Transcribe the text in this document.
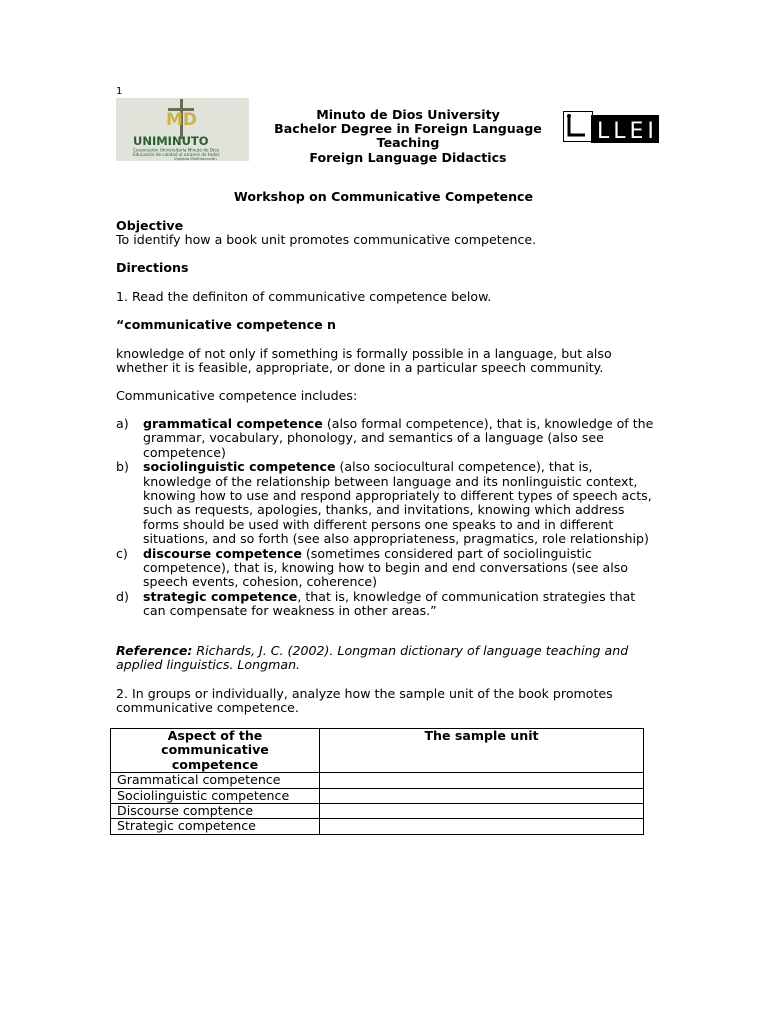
1
MD
UNIMINUTO
Corporación Universitaria Minuto de Dios
Educación de calidad al alcance de todos
Vigilada MinEducación
Minuto de Dios University
Bachelor Degree in Foreign Language
Teaching
Foreign Language Didactics
LLEI
Workshop on Communicative Competence
Objective
To identify how a book unit promotes communicative competence.
Directions
1. Read the definiton of communicative competence below.
“communicative competence n
knowledge of not only if something is formally possible in a language, but also
whether it is feasible, appropriate, or done in a particular speech community.
Communicative competence includes:
a)	grammatical competence (also formal competence), that is, knowledge of the grammar, vocabulary, phonology, and semantics of a language (also see competence)
b)	sociolinguistic competence (also sociocultural competence), that is, knowledge of the relationship between language and its nonlinguistic context, knowing how to use and respond appropriately to different types of speech acts, such as requests, apologies, thanks, and invitations, knowing which address forms should be used with different persons one speaks to and in different situations, and so forth (see also appropriateness, pragmatics, role relationship)
c)	discourse competence (sometimes considered part of sociolinguistic competence), that is, knowing how to begin and end conversations (see also speech events, cohesion, coherence)
d)	strategic competence, that is, knowledge of communication strategies that can compensate for weakness in other areas.”
Reference: Richards, J. C. (2002). Longman dictionary of language teaching and applied linguistics. Longman.
2. In groups or individually, analyze how the sample unit of the book promotes communicative competence.
Aspect of the communicative competence	The sample unit
Grammatical competence	
Sociolinguistic competence	
Discourse comptence	
Strategic competence	
